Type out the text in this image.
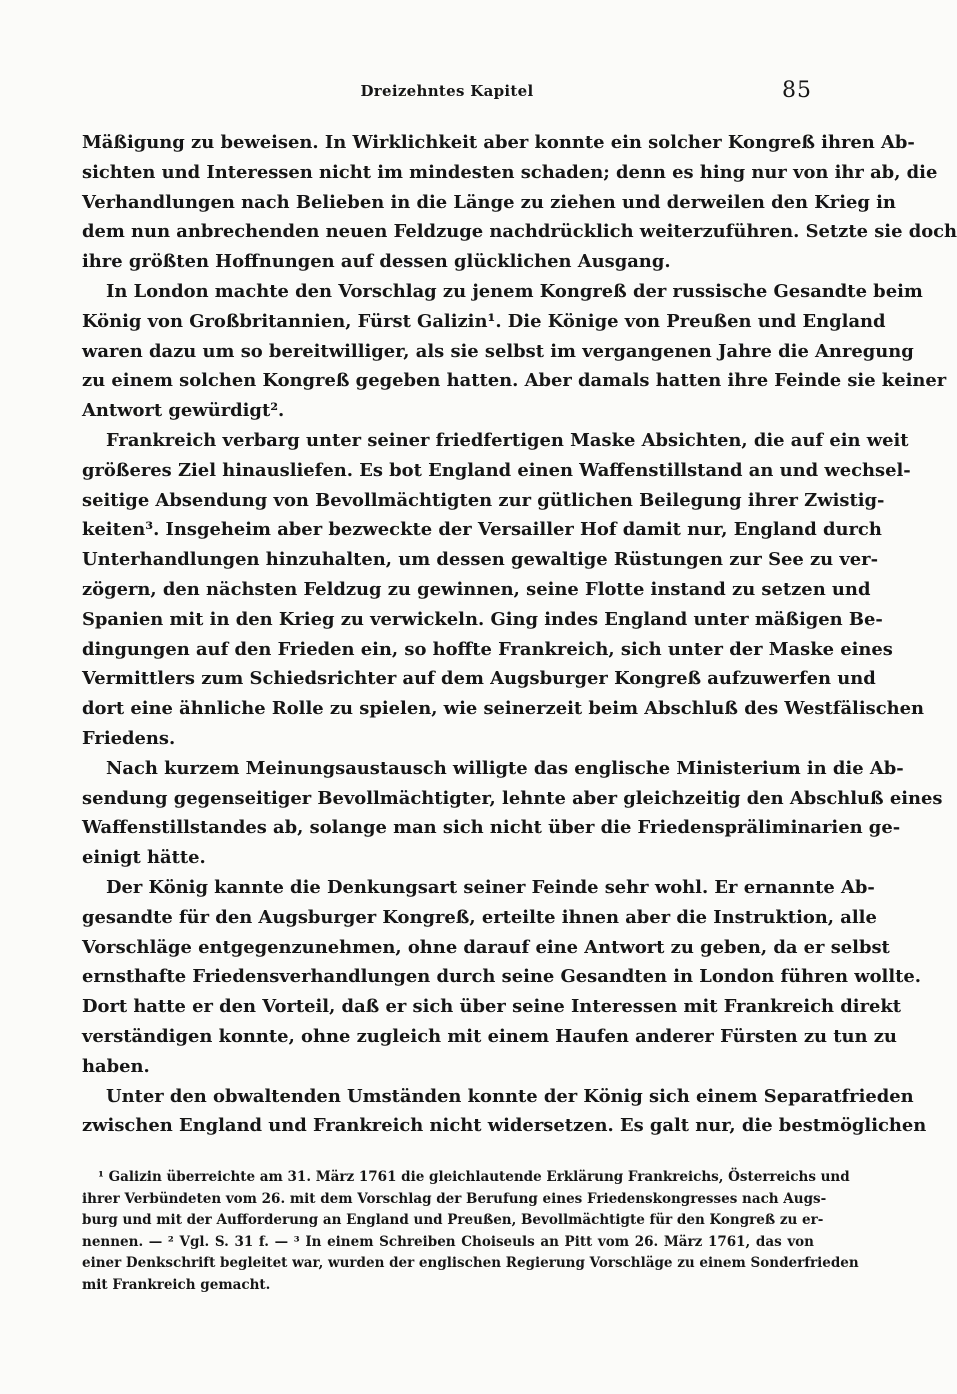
Dreizehntes Kapitel	85
Mäßigung zu beweisen. In Wirklichkeit aber konnte ein solcher Kongreß ihren Ab-
sichten und Interessen nicht im mindesten schaden; denn es hing nur von ihr ab, die
Verhandlungen nach Belieben in die Länge zu ziehen und derweilen den Krieg in
dem nun anbrechenden neuen Feldzuge nachdrücklich weiterzuführen. Setzte sie doch
ihre größten Hoffnungen auf dessen glücklichen Ausgang.
In London machte den Vorschlag zu jenem Kongreß der russische Gesandte beim
König von Großbritannien, Fürst Galizin¹. Die Könige von Preußen und England
waren dazu um so bereitwilliger, als sie selbst im vergangenen Jahre die Anregung
zu einem solchen Kongreß gegeben hatten. Aber damals hatten ihre Feinde sie keiner
Antwort gewürdigt².
Frankreich verbarg unter seiner friedfertigen Maske Absichten, die auf ein weit
größeres Ziel hinausliefen. Es bot England einen Waffenstillstand an und wechsel-
seitige Absendung von Bevollmächtigten zur gütlichen Beilegung ihrer Zwistig-
keiten³. Insgeheim aber bezweckte der Versailler Hof damit nur, England durch
Unterhandlungen hinzuhalten, um dessen gewaltige Rüstungen zur See zu ver-
zögern, den nächsten Feldzug zu gewinnen, seine Flotte instand zu setzen und
Spanien mit in den Krieg zu verwickeln. Ging indes England unter mäßigen Be-
dingungen auf den Frieden ein, so hoffte Frankreich, sich unter der Maske eines
Vermittlers zum Schiedsrichter auf dem Augsburger Kongreß aufzuwerfen und
dort eine ähnliche Rolle zu spielen, wie seinerzeit beim Abschluß des Westfälischen
Friedens.
Nach kurzem Meinungsaustausch willigte das englische Ministerium in die Ab-
sendung gegenseitiger Bevollmächtigter, lehnte aber gleichzeitig den Abschluß eines
Waffenstillstandes ab, solange man sich nicht über die Friedenspräliminarien ge-
einigt hätte.
Der König kannte die Denkungsart seiner Feinde sehr wohl. Er ernannte Ab-
gesandte für den Augsburger Kongreß, erteilte ihnen aber die Instruktion, alle
Vorschläge entgegenzunehmen, ohne darauf eine Antwort zu geben, da er selbst
ernsthafte Friedensverhandlungen durch seine Gesandten in London führen wollte.
Dort hatte er den Vorteil, daß er sich über seine Interessen mit Frankreich direkt
verständigen konnte, ohne zugleich mit einem Haufen anderer Fürsten zu tun zu
haben.
Unter den obwaltenden Umständen konnte der König sich einem Separatfrieden
zwischen England und Frankreich nicht widersetzen. Es galt nur, die bestmöglichen
¹ Galizin überreichte am 31. März 1761 die gleichlautende Erklärung Frankreichs, Österreichs und
ihrer Verbündeten vom 26. mit dem Vorschlag der Berufung eines Friedenskongresses nach Augs-
burg und mit der Aufforderung an England und Preußen, Bevollmächtigte für den Kongreß zu er-
nennen. — ² Vgl. S. 31 f. — ³ In einem Schreiben Choiseuls an Pitt vom 26. März 1761, das von
einer Denkschrift begleitet war, wurden der englischen Regierung Vorschläge zu einem Sonderfrieden
mit Frankreich gemacht.
